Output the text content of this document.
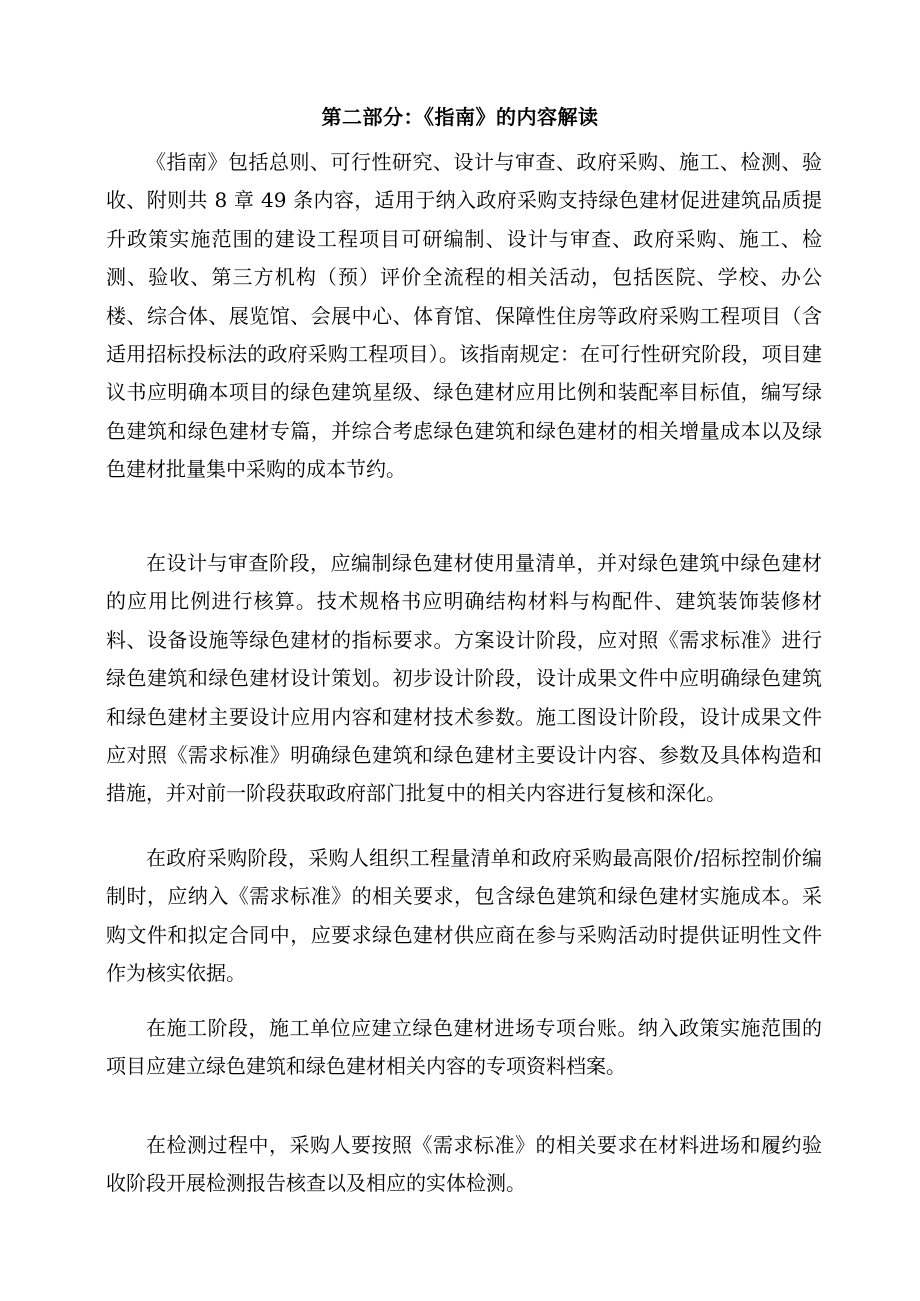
第二部分：《指南》的内容解读

《指南》包括总则、可行性研究、设计与审查、政府采购、施工、检测、验收、附则共 8 章 49 条内容，适用于纳入政府采购支持绿色建材促进建筑品质提升政策实施范围的建设工程项目可研编制、设计与审查、政府采购、施工、检测、验收、第三方机构（预）评价全流程的相关活动，包括医院、学校、办公楼、综合体、展览馆、会展中心、体育馆、保障性住房等政府采购工程项目（含适用招标投标法的政府采购工程项目）。该指南规定：在可行性研究阶段，项目建议书应明确本项目的绿色建筑星级、绿色建材应用比例和装配率目标值，编写绿色建筑和绿色建材专篇，并综合考虑绿色建筑和绿色建材的相关增量成本以及绿色建材批量集中采购的成本节约。

在设计与审查阶段，应编制绿色建材使用量清单，并对绿色建筑中绿色建材的应用比例进行核算。技术规格书应明确结构材料与构配件、建筑装饰装修材料、设备设施等绿色建材的指标要求。方案设计阶段，应对照《需求标准》进行绿色建筑和绿色建材设计策划。初步设计阶段，设计成果文件中应明确绿色建筑和绿色建材主要设计应用内容和建材技术参数。施工图设计阶段，设计成果文件应对照《需求标准》明确绿色建筑和绿色建材主要设计内容、参数及具体构造和措施，并对前一阶段获取政府部门批复中的相关内容进行复核和深化。

在政府采购阶段，采购人组织工程量清单和政府采购最高限价/招标控制价编制时，应纳入《需求标准》的相关要求，包含绿色建筑和绿色建材实施成本。采购文件和拟定合同中，应要求绿色建材供应商在参与采购活动时提供证明性文件作为核实依据。

在施工阶段，施工单位应建立绿色建材进场专项台账。纳入政策实施范围的项目应建立绿色建筑和绿色建材相关内容的专项资料档案。

在检测过程中，采购人要按照《需求标准》的相关要求在材料进场和履约验收阶段开展检测报告核查以及相应的实体检测。
